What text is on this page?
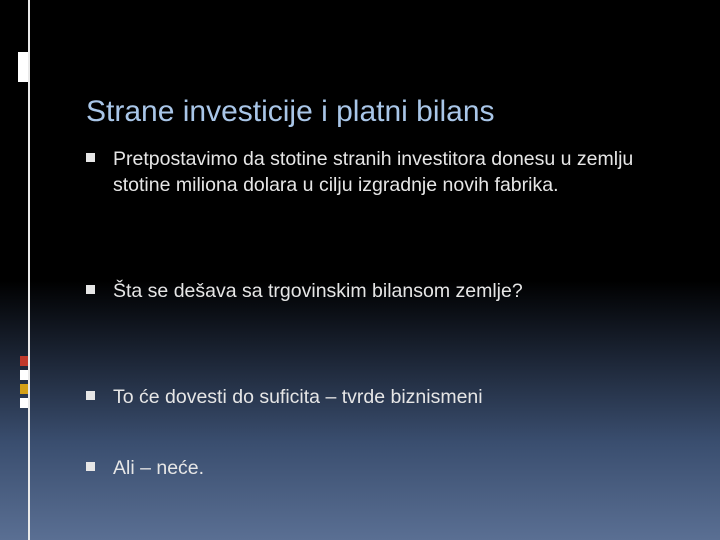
Strane investicije i platni bilans
Pretpostavimo da stotine stranih investitora donesu u zemlju stotine miliona dolara u cilju izgradnje novih fabrika.
Šta se dešava sa trgovinskim bilansom zemlje?
To će dovesti do suficita – tvrde biznismeni
Ali – neće.
